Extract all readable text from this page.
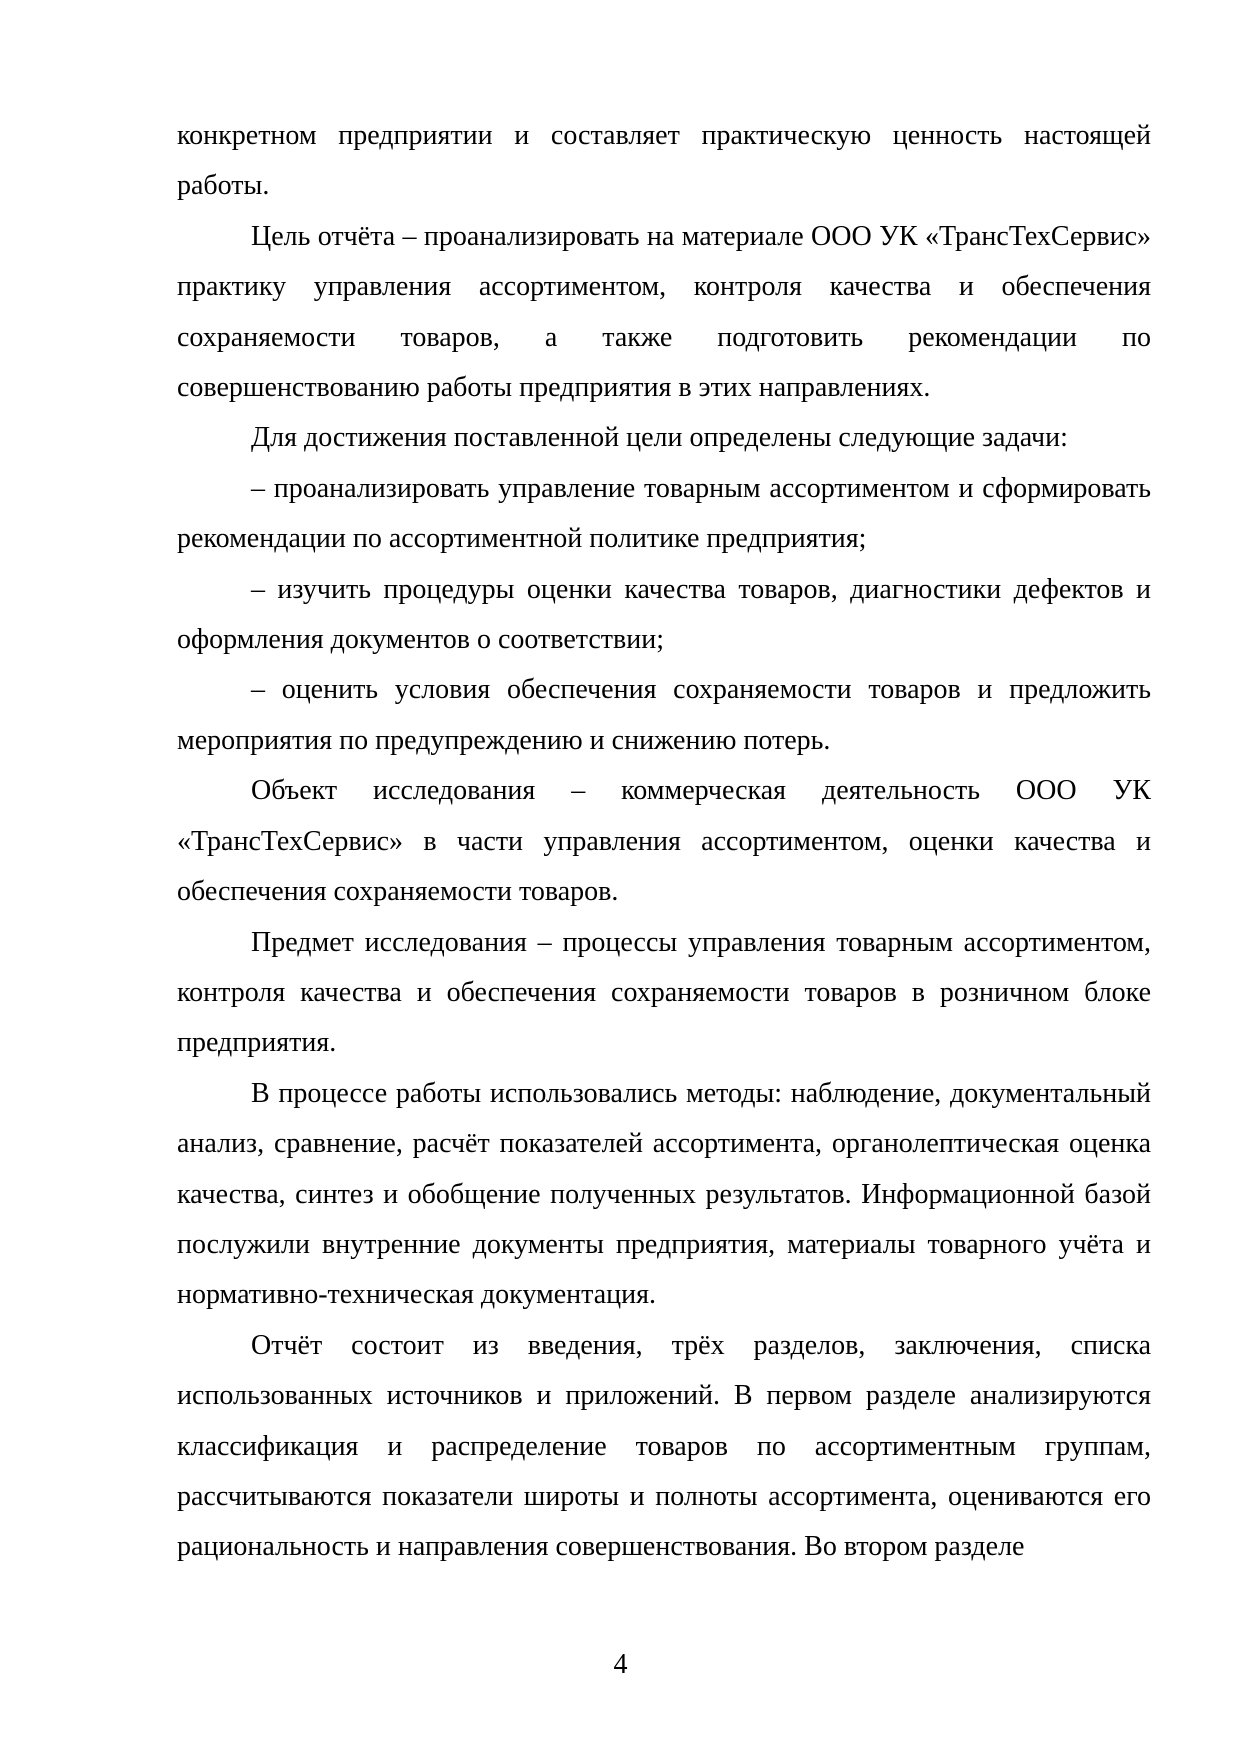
конкретном предприятии и составляет практическую ценность настоящей работы.

Цель отчёта – проанализировать на материале ООО УК «ТрансТехСервис» практику управления ассортиментом, контроля качества и обеспечения сохраняемости товаров, а также подготовить рекомендации по совершенствованию работы предприятия в этих направлениях.

Для достижения поставленной цели определены следующие задачи:

– проанализировать управление товарным ассортиментом и сформировать рекомендации по ассортиментной политике предприятия;

– изучить процедуры оценки качества товаров, диагностики дефектов и оформления документов о соответствии;

– оценить условия обеспечения сохраняемости товаров и предложить мероприятия по предупреждению и снижению потерь.

Объект исследования – коммерческая деятельность ООО УК «ТрансТехСервис» в части управления ассортиментом, оценки качества и обеспечения сохраняемости товаров.

Предмет исследования – процессы управления товарным ассортиментом, контроля качества и обеспечения сохраняемости товаров в розничном блоке предприятия.

В процессе работы использовались методы: наблюдение, документальный анализ, сравнение, расчёт показателей ассортимента, органолептическая оценка качества, синтез и обобщение полученных результатов. Информационной базой послужили внутренние документы предприятия, материалы товарного учёта и нормативно-техническая документация.

Отчёт состоит из введения, трёх разделов, заключения, списка использованных источников и приложений. В первом разделе анализируются классификация и распределение товаров по ассортиментным группам, рассчитываются показатели широты и полноты ассортимента, оцениваются его рациональность и направления совершенствования. Во втором разделе

4
